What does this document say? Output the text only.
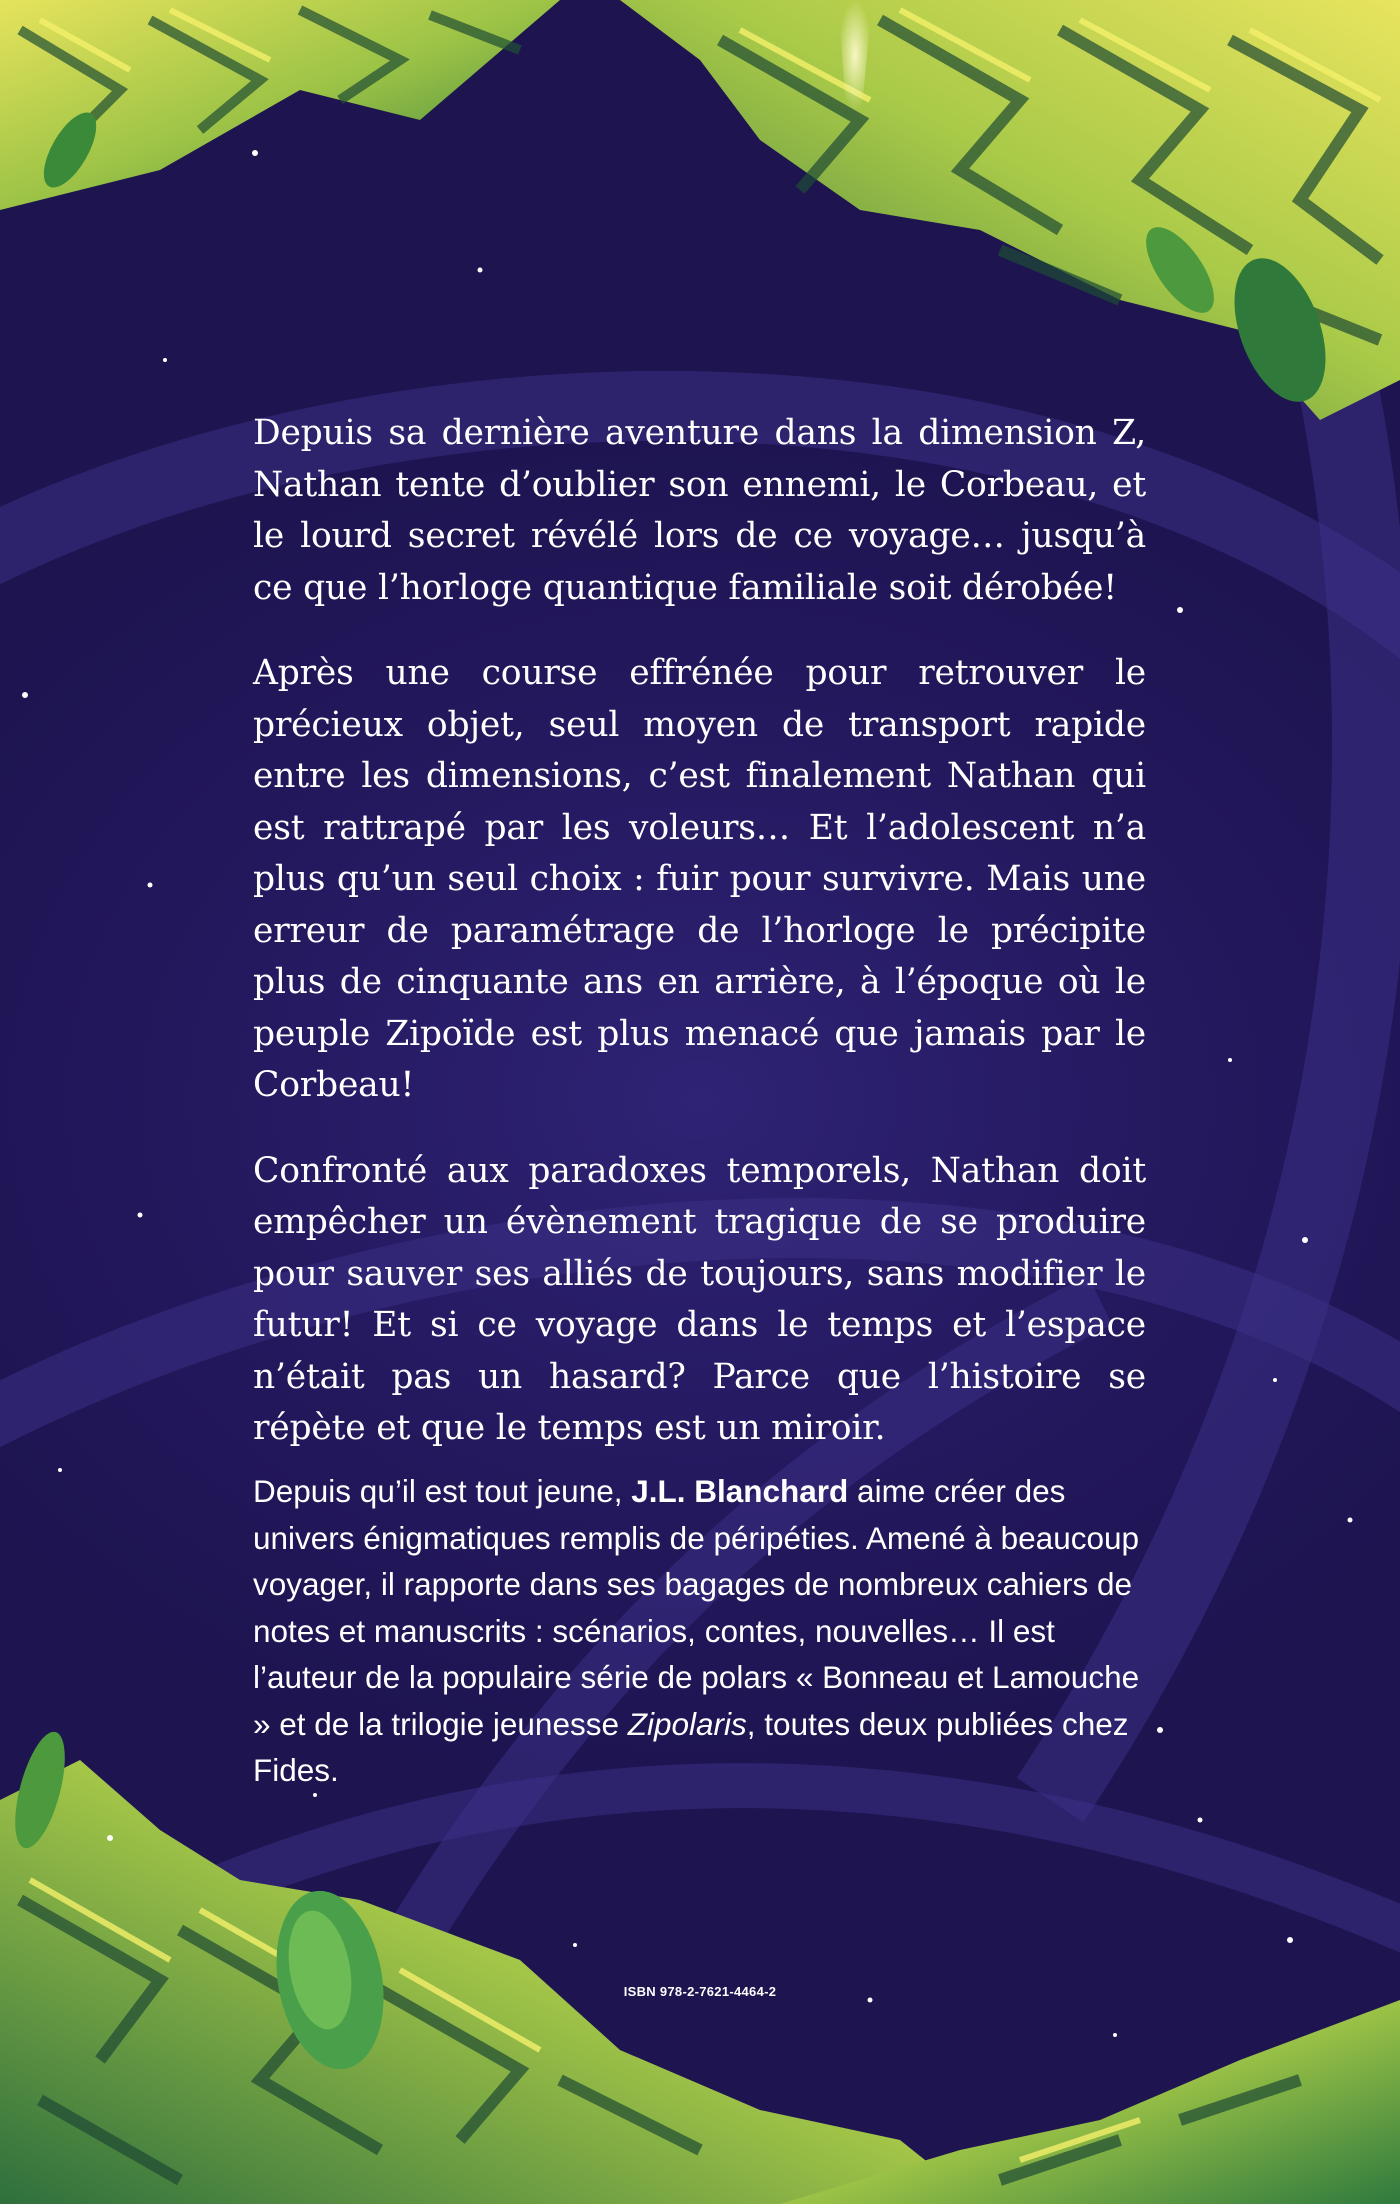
Depuis sa dernière aventure dans la dimension Z, Nathan tente d’oublier son ennemi, le Corbeau, et le lourd secret révélé lors de ce voyage… jusqu’à ce que l’horloge quantique familiale soit dérobée!

Après une course effrénée pour retrouver le précieux objet, seul moyen de transport rapide entre les dimensions, c’est finalement Nathan qui est rattrapé par les voleurs… Et l’adolescent n’a plus qu’un seul choix : fuir pour survivre. Mais une erreur de paramétrage de l’horloge le précipite plus de cinquante ans en arrière, à l’époque où le peuple Zipoïde est plus menacé que jamais par le Corbeau!

Confronté aux paradoxes temporels, Nathan doit empêcher un évènement tragique de se produire pour sauver ses alliés de toujours, sans modifier le futur! Et si ce voyage dans le temps et l’espace n’était pas un hasard? Parce que l’histoire se répète et que le temps est un miroir.

Depuis qu’il est tout jeune, J.L. Blanchard aime créer des univers énigmatiques remplis de péripéties. Amené à beaucoup voyager, il rapporte dans ses bagages de nombreux cahiers de notes et manuscrits : scénarios, contes, nouvelles… Il est l’auteur de la populaire série de polars « Bonneau et Lamouche » et de la trilogie jeunesse Zipolaris, toutes deux publiées chez Fides.

ISBN 978-2-7621-4464-2
